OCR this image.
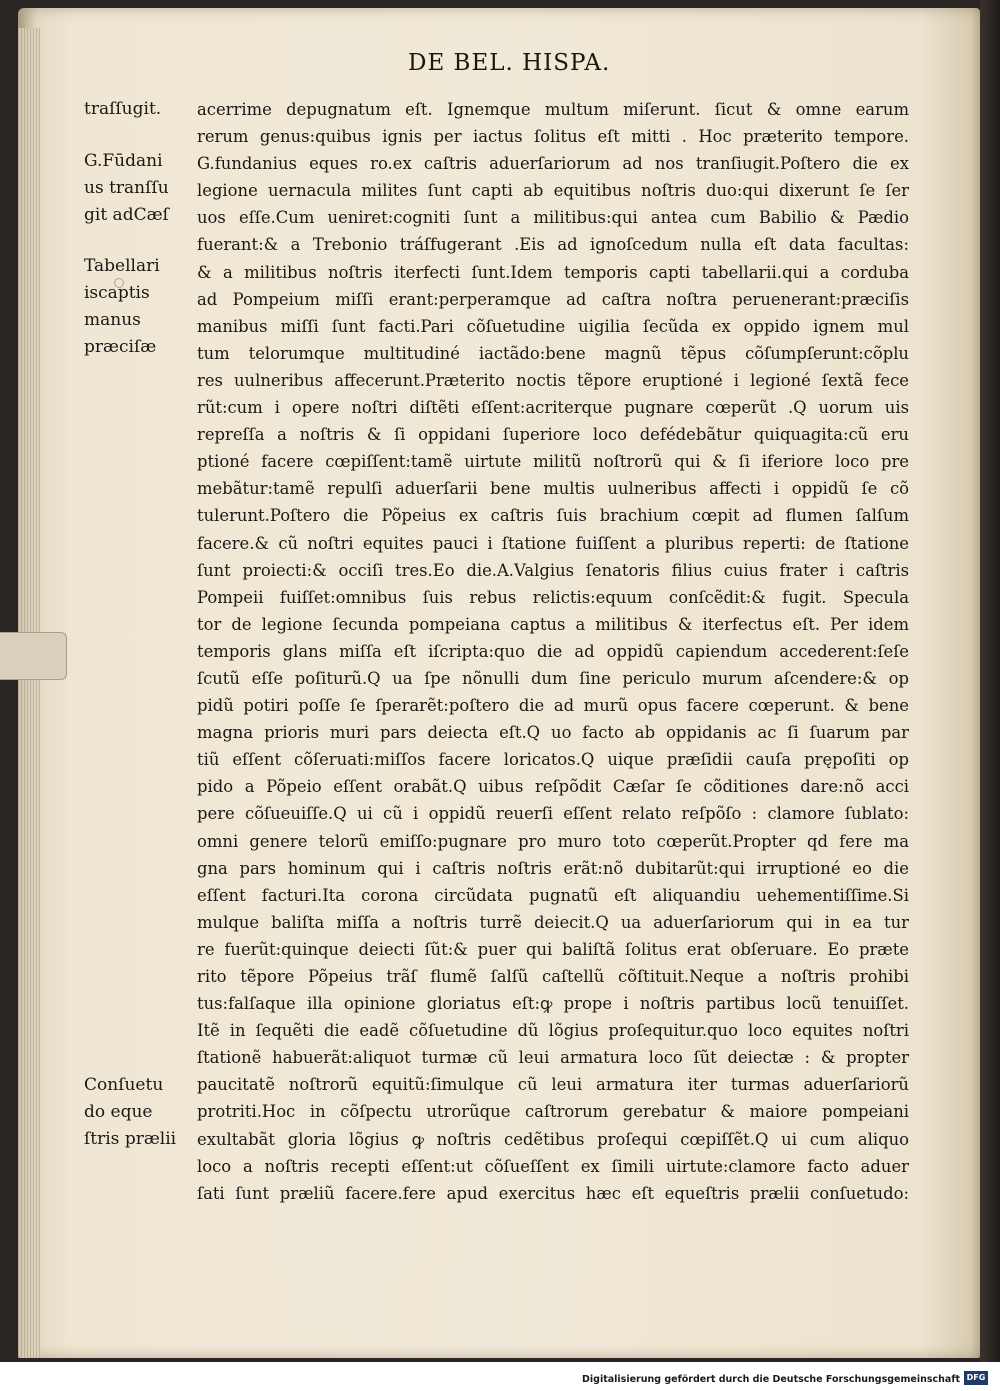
DE BEL. HISPA.
traſſugit.
G.Fūdani
us tranſſu
git adCæſ
Tabellari
iscaptis
manus
præciſæ
Conſuetu
do eque
ſtris prælii
acerrime depugnatum eſt. Ignemque multum miſerunt. ſicut & omne earum
rerum genus:quibus ignis per iactus ſolitus eſt mitti . Hoc præterito tempore.
G.fundanius eques ro.ex caſtris aduerſariorum ad nos tranſiugit.Poſtero die ex
legione uernacula milites ſunt capti ab equitibus noſtris duo:qui dixerunt ſe ſer
uos eſſe.Cum ueniret:cogniti ſunt a militibus:qui antea cum Babilio & Pædio
fuerant:& a Trebonio tráſfugerant .Eis ad ignoſcedum nulla eſt data facultas:
& a militibus noſtris iterfecti ſunt.Idem temporis capti tabellarii.qui a corduba
ad Pompeium miſſi erant:perperamque ad caſtra noſtra peruenerant:præciſis
manibus miſſi ſunt facti.Pari cõſuetudine uigilia ſecũda ex oppido ignem mul
tum telorumque multitudiné iactãdo:bene magnũ tẽpus cõſumpſerunt:cõplu
res uulneribus affecerunt.Præterito noctis tẽpore eruptioné i legioné ſextã fece
rũt:cum i opere noſtri diſtẽti eſſent:acriterque pugnare cœperũt .Q uorum uis
repreſſa a noſtris & ſi oppidani ſuperiore loco defédebãtur quiquagita:cũ eru
ptioné facere cœpiſſent:tamẽ uirtute militũ noſtrorũ qui & ſi iferiore loco pre
mebãtur:tamẽ repulſi aduerſarii bene multis uulneribus affecti i oppidũ ſe cõ
tulerunt.Poſtero die Põpeius ex caſtris ſuis brachium cœpit ad flumen ſalſum
facere.& cũ noſtri equites pauci i ſtatione fuiſſent a pluribus reperti: de ſtatione
ſunt proiecti:& occiſi tres.Eo die.A.Valgius ſenatoris filius cuius frater i caſtris
Pompeii fuiſſet:omnibus ſuis rebus relictis:equum conſcẽdit:& fugit. Specula
tor de legione ſecunda pompeiana captus a militibus & iterfectus eſt. Per idem
temporis glans miſſa eſt iſcripta:quo die ad oppidũ capiendum accederent:ſeſe
ſcutũ eſſe poſiturũ.Q ua ſpe nõnulli dum ſine periculo murum aſcendere:& op
pidũ potiri poſſe ſe ſperarẽt:poſtero die ad murũ opus facere cœperunt. & bene
magna prioris muri pars deiecta eſt.Q uo facto ab oppidanis ac ſi ſuarum par
tiũ eſſent cõſeruati:miſſos facere loricatos.Q uique præſidii cauſa prępoſiti op
pido a Põpeio eſſent orabãt.Q uibus reſpõdit Cæſar ſe cõditiones dare:nõ acci
pere cõſueuiſſe.Q ui cũ i oppidũ reuerſi eſſent relato reſpõſo : clamore ſublato:
omni genere telorũ emiſſo:pugnare pro muro toto cœperũt.Propter qd fere ma
gna pars hominum qui i caſtris noſtris erãt:nõ dubitarũt:qui irruptioné eo die
eſſent facturi.Ita corona circũdata pugnatũ eſt aliquandiu uehementiſſime.Si
mulque baliſta miſſa a noſtris turrẽ deiecit.Q ua aduerſariorum qui in ea tur
re fuerũt:quinque deiecti ſũt:& puer qui baliſtã ſolitus erat obſeruare. Eo præte
rito tẽpore Põpeius trãſ flumẽ ſalſũ caſtellũ cõſtituit.Neque a noſtris prohibi
tus:falſaque illa opinione gloriatus eſt:ꝙ prope i noſtris partibus locũ tenuiſſet.
Itẽ in ſequẽti die eadẽ cõſuetudine dũ lõgius proſequitur.quo loco equites noſtri
ſtationẽ habuerãt:aliquot turmæ cũ leui armatura loco ſũt deiectæ : & propter
paucitatẽ noſtrorũ equitũ:ſimulque cũ leui armatura iter turmas aduerſariorũ
protriti.Hoc in cõſpectu utrorũque caſtrorum gerebatur & maiore pompeiani
exultabãt gloria lõgius ꝙ noſtris cedẽtibus proſequi cœpiſſẽt.Q ui cum aliquo
loco a noſtris recepti eſſent:ut cõſueſſent ex ſimili uirtute:clamore facto aduer
ſati ſunt præliũ facere.fere apud exercitus hæc eſt equeſtris prælii conſuetudo:
Digitalisierung gefördert durch die Deutsche Forschungsgemeinschaft DFG
